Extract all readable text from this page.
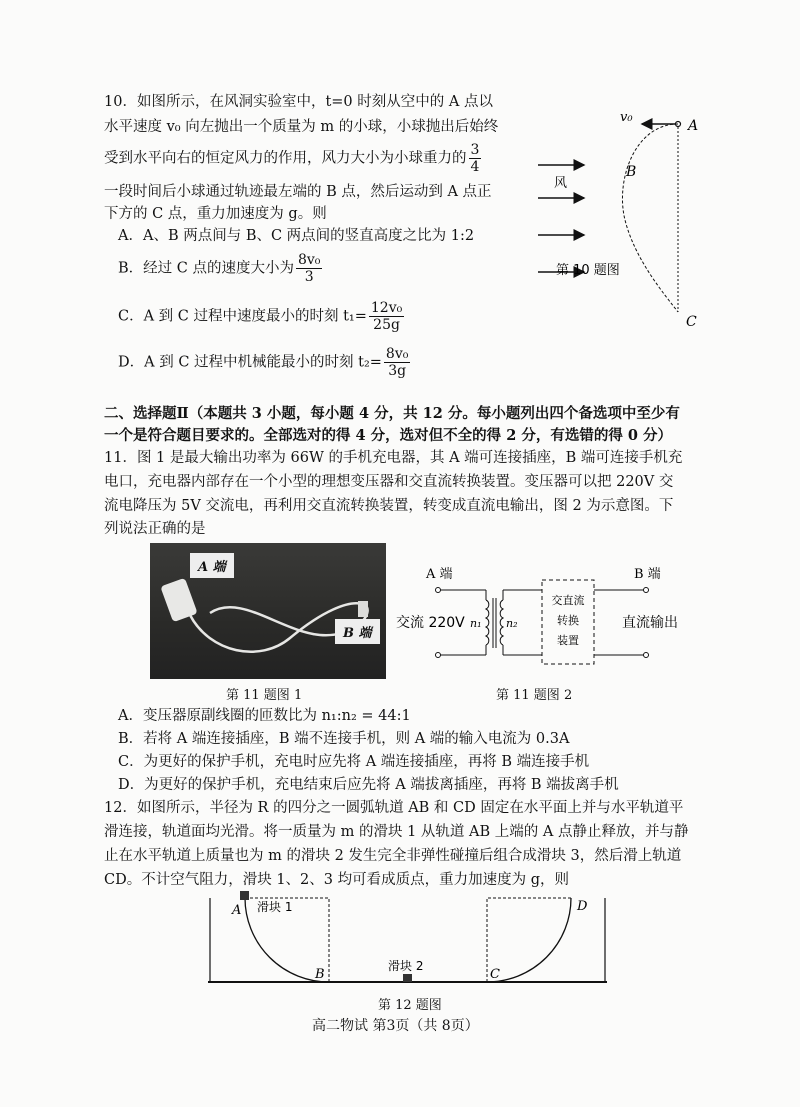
10．如图所示，在风洞实验室中，t=0 时刻从空中的 A 点以
水平速度 v₀ 向左抛出一个质量为 m 的小球，小球抛出后始终
受到水平向右的恒定风力的作用，风力大小为小球重力的 $\frac{3}{4}$
一段时间后小球通过轨迹最左端的 B 点，然后运动到 A 点正
下方的 C 点，重力加速度为 g。则
A．A、B 两点间与 B、C 两点间的竖直高度之比为 1:2
B．经过 C 点的速度大小为 $\frac{\text{8v₀}}{3}$
C．A 到 C 过程中速度最小的时刻 $t_1= \frac{\text{12v₀}}{25g}$
D．A 到 C 过程中机械能最小的时刻 $t_2= \frac{\text{8v₀}}{3g}$
风
v₀
A
B
C
第 10 题图
二、选择题Ⅱ（本题共 3 小题，每小题 4 分，共 12 分。每小题列出四个备选项中至少有
一个是符合题目要求的。全部选对的得 4 分，选对但不全的得 2 分，有选错的得 0 分）
11．图 1 是最大输出功率为 66W 的手机充电器，其 A 端可连接插座，B 端可连接手机充
电口，充电器内部存在一个小型的理想变压器和交直流转换装置。变压器可以把 220V 交
流电降压为 5V 交流电，再利用交直流转换装置，转变成直流电输出，图 2 为示意图。下
列说法正确的是
A 端
B 端
第 11 题图 1
A 端	B 端
交流 220V n₁ n₂
交直流
转换
装置
直流输出
第 11 题图 2
A．变压器原副线圈的匝数比为 n₁:n₂ = 44:1
B．若将 A 端连接插座，B 端不连接手机，则 A 端的输入电流为 0.3A
C．为更好的保护手机，充电时应先将 A 端连接插座，再将 B 端连接手机
D．为更好的保护手机，充电结束后应先将 A 端拔离插座，再将 B 端拔离手机
12．如图所示，半径为 R 的四分之一圆弧轨道 AB 和 CD 固定在水平面上并与水平轨道平
滑连接，轨道面均光滑。将一质量为 m 的滑块 1 从轨道 AB 上端的 A 点静止释放，并与静
止在水平轨道上质量也为 m 的滑块 2 发生完全非弹性碰撞后组合成滑块 3，然后滑上轨道
CD。不计空气阻力，滑块 1、2、3 均可看成质点，重力加速度为 g，则
A
B	C
D
滑块 1
滑块 2
第 12 题图
高二物试 第3页（共 8页）
